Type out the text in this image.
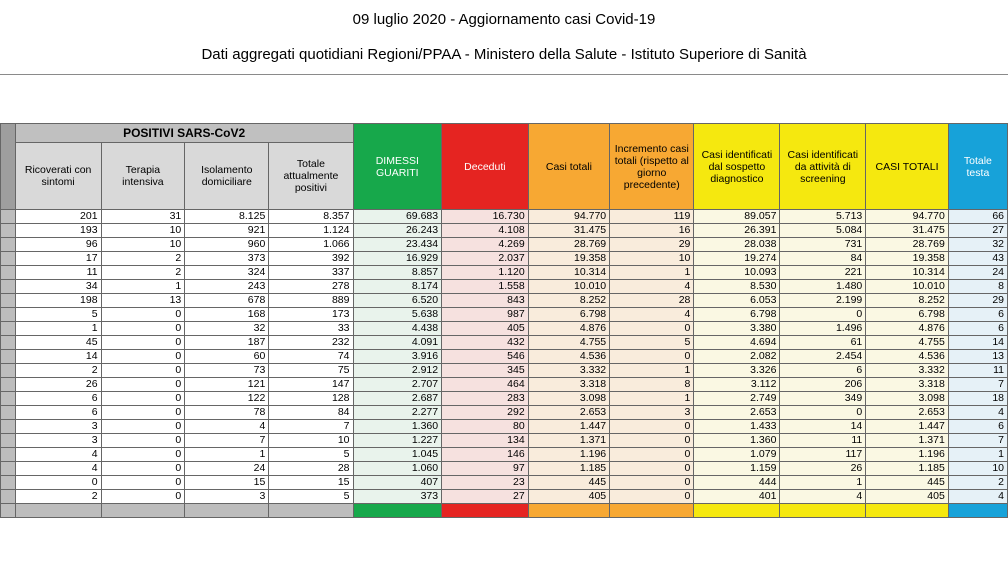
09 luglio 2020 - Aggiornamento casi Covid-19
Dati aggregati quotidiani Regioni/PPAA - Ministero della Salute - Istituto Superiore di Sanità
	POSITIVI SARS-CoV2				DIMESSI GUARITI	Deceduti	Casi totali	Incremento casi totali (rispetto al giorno precedente)	Casi identificati dal sospetto diagnostico	Casi identificati da attività di screening	CASI TOTALI	Totale testa
	Ricoverati con sintomi	Terapia intensiva	Isolamento domiciliare	Totale attualmente positivi								
	201	31	8.125	8.357	69.683	16.730	94.770	119	89.057	5.713	94.770	66
	193	10	921	1.124	26.243	4.108	31.475	16	26.391	5.084	31.475	27
	96	10	960	1.066	23.434	4.269	28.769	29	28.038	731	28.769	32
	17	2	373	392	16.929	2.037	19.358	10	19.274	84	19.358	43
	11	2	324	337	8.857	1.120	10.314	1	10.093	221	10.314	24
	34	1	243	278	8.174	1.558	10.010	4	8.530	1.480	10.010	8
	198	13	678	889	6.520	843	8.252	28	6.053	2.199	8.252	29
	5	0	168	173	5.638	987	6.798	4	6.798	0	6.798	6
	1	0	32	33	4.438	405	4.876	0	3.380	1.496	4.876	6
	45	0	187	232	4.091	432	4.755	5	4.694	61	4.755	14
	14	0	60	74	3.916	546	4.536	0	2.082	2.454	4.536	13
	2	0	73	75	2.912	345	3.332	1	3.326	6	3.332	11
	26	0	121	147	2.707	464	3.318	8	3.112	206	3.318	7
	6	0	122	128	2.687	283	3.098	1	2.749	349	3.098	18
	6	0	78	84	2.277	292	2.653	3	2.653	0	2.653	4
	3	0	4	7	1.360	80	1.447	0	1.433	14	1.447	6
	3	0	7	10	1.227	134	1.371	0	1.360	11	1.371	7
	4	0	1	5	1.045	146	1.196	0	1.079	117	1.196	1
	4	0	24	28	1.060	97	1.185	0	1.159	26	1.185	10
	0	0	15	15	407	23	445	0	444	1	445	2
	2	0	3	5	373	27	405	0	401	4	405	4
